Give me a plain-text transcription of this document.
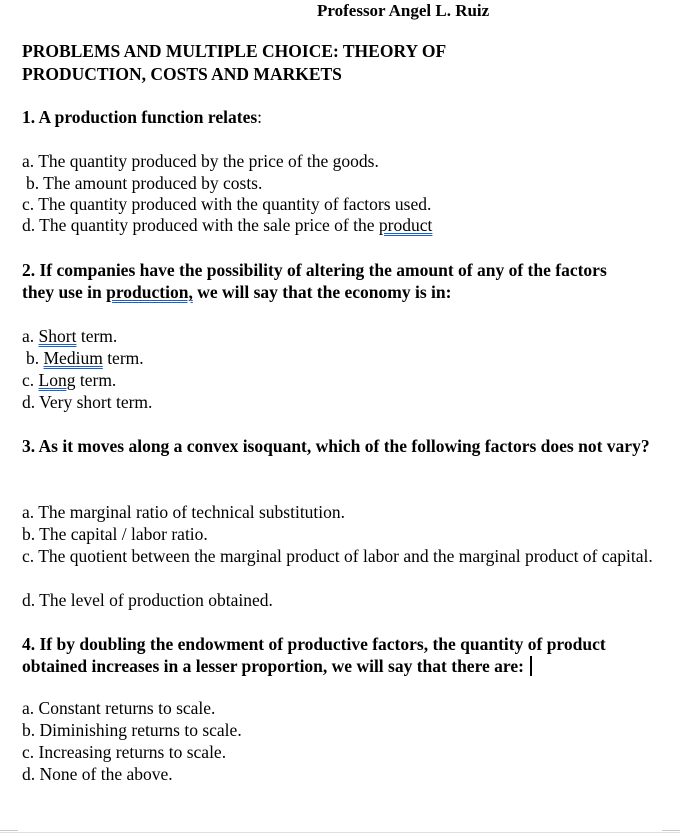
Professor Angel L. Ruiz
PROBLEMS AND MULTIPLE CHOICE: THEORY OF
PRODUCTION, COSTS AND MARKETS
1. A production function relates:
a. The quantity produced by the price of the goods.
b. The amount produced by costs.
c. The quantity produced with the quantity of factors used.
d. The quantity produced with the sale price of the product
2. If companies have the possibility of altering the amount of any of the factors
they use in production, we will say that the economy is in:
a. Short term.
b. Medium term.
c. Long term.
d. Very short term.
3. As it moves along a convex isoquant, which of the following factors does not vary?
a. The marginal ratio of technical substitution.
b. The capital / labor ratio.
c. The quotient between the marginal product of labor and the marginal product of capital.
d. The level of production obtained.
4. If by doubling the endowment of productive factors, the quantity of product obtained increases in a lesser proportion, we will say that there are:
a. Constant returns to scale.
b. Diminishing returns to scale.
c. Increasing returns to scale.
d. None of the above.
